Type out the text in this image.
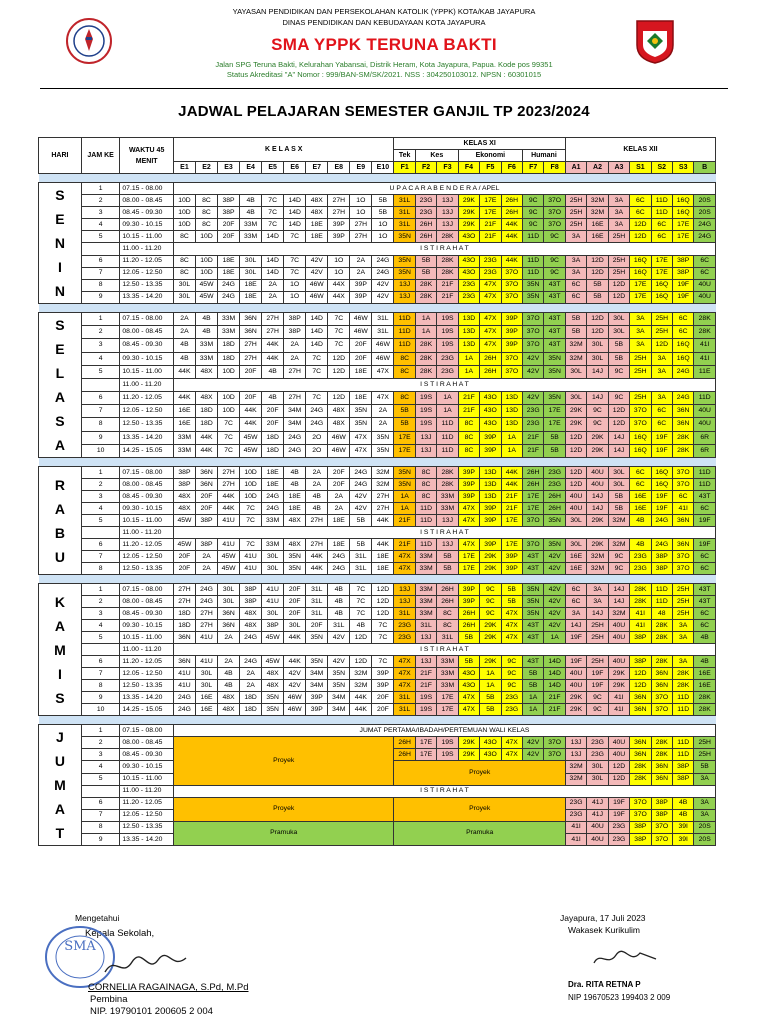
YAYASAN PENDIDIKAN DAN PERSEKOLAHAN KATOLIK (YPPK) KOTA/KAB JAYAPURA
DINAS PENDIDIKAN DAN KEBUDAYAAN KOTA JAYAPURA
SMA YPPK TERUNA BAKTI
Jalan SPG Teruna Bakti, Kelurahan Yabansai, Distrik Heram, Kota Jayapura, Papua. Kode pos 99351
Status Akreditasi "A" Nomor : 999/BAN-SM/SK/2021. NSS : 304250103012. NPSN : 60301015
JADWAL PELAJARAN SEMESTER GANJIL TP 2023/2024
HARI	JAM KE	WAKTU 45 MENIT	K E L A S X										KELAS XI								KELAS XII						
													Tek	Kes		Ekonomi			Humani								
			E1	E2	E3	E4	E5	E6	E7	E8	E9	E10	F1	F2	F3	F4	F5	F6	F7	F8	A1	A2	A3	S1	S2	S3	B

S E N I N	1	07.15 - 08.00	U P A C A R A B E N D E R A / APEL																								
	2	08.00 - 08.45	10D	8C	38P	4B	7C	14D	48X	27H	1O	5B	31L	23G	13J	29K	17E	26H	9C	37O	25H	32M	3A	6C	11D	16Q	20S
	3	08.45 - 09.30	10D	8C	38P	4B	7C	14D	48X	27H	1O	5B	31L	23G	13J	29K	17E	26H	9C	37O	25H	32M	3A	6C	11D	16Q	20S
	4	09.30 - 10.15	10D	8C	20F	33M	7C	14D	18E	39P	27H	1O	31L	26H	13J	29K	21F	44K	9C	37O	25H	16E	3A	12D	6C	17E	24G
	5	10.15 - 11.00	8C	10D	20F	33M	14D	7C	18E	39P	27H	1O	35N	26H	28K	43O	21F	44K	11D	9C	3A	16E	25H	12D	6C	17E	24G
		11.00 - 11.20	I S T I R A H A T																								
	6	11.20 - 12.05	8C	10D	18E	30L	14D	7C	42V	1O	2A	24G	35N	5B	28K	43O	23G	44K	11D	9C	3A	12D	25H	16Q	17E	38P	6C
	7	12.05 - 12.50	8C	10D	18E	30L	14D	7C	42V	1O	2A	24G	35N	5B	28K	43O	23G	37O	11D	9C	3A	12D	25H	16Q	17E	38P	6C
	8	12.50 - 13.35	30L	45W	24G	18E	2A	1O	46W	44X	39P	42V	13J	28K	21F	23G	47X	37O	35N	43T	6C	5B	12D	17E	16Q	19F	40U
	9	13.35 - 14.20	30L	45W	24G	18E	2A	1O	46W	44X	39P	42V	13J	28K	21F	23G	47X	37O	35N	43T	6C	5B	12D	17E	16Q	19F	40U

S E L A S A	1	07.15 - 08.00	2A	4B	33M	36N	27H	38P	14D	7C	46W	31L	11D	1A	19S	13D	47X	39P	37O	43T	5B	12D	30L	3A	25H	6C	28K
	2	08.00 - 08.45	2A	4B	33M	36N	27H	38P	14D	7C	46W	31L	11D	1A	19S	13D	47X	39P	37O	43T	5B	12D	30L	3A	25H	6C	28K
	3	08.45 - 09.30	4B	33M	18D	27H	44K	2A	14D	7C	20F	46W	11D	28K	19S	13D	47X	39P	37O	43T	32M	30L	5B	3A	12D	16Q	41I
	4	09.30 - 10.15	4B	33M	18D	27H	44K	2A	7C	12D	20F	46W	8C	28K	23G	1A	26H	37O	42V	35N	32M	30L	5B	25H	3A	16Q	41I
	5	10.15 - 11.00	44K	48X	10D	20F	4B	27H	7C	12D	18E	47X	8C	28K	23G	1A	26H	37O	42V	35N	30L	14J	9C	25H	3A	24G	11E
		11.00 - 11.20	I S T I R A H A T																								
	6	11.20 - 12.05	44K	48X	10D	20F	4B	27H	7C	12D	18E	47X	8C	19S	1A	21F	43O	13D	42V	35N	30L	14J	9C	25H	3A	24G	11D
	7	12.05 - 12.50	16E	18D	10D	44K	20F	34M	24G	48X	35N	2A	5B	19S	1A	21F	43O	13D	23G	17E	29K	9C	12D	37O	6C	36N	40U
	8	12.50 - 13.35	16E	18D	7C	44K	20F	34M	24G	48X	35N	2A	5B	19S	11D	8C	43O	13D	23G	17E	29K	9C	12D	37O	6C	36N	40U
	9	13.35 - 14.20	33M	44K	7C	45W	18D	24G	2O	46W	47X	35N	17E	13J	11D	8C	39P	1A	21F	5B	12D	29K	14J	16Q	19F	28K	6R
	10	14.25 - 15.05	33M	44K	7C	45W	18D	24G	2O	46W	47X	35N	17E	13J	11D	8C	39P	1A	21F	5B	12D	29K	14J	16Q	19F	28K	6R

R A B U	1	07.15 - 08.00	38P	36N	27H	10D	18E	4B	2A	20F	24G	32M	35N	8C	28K	39P	13D	44K	26H	23G	12D	40U	30L	6C	16Q	37O	11D
	2	08.00 - 08.45	38P	36N	27H	10D	18E	4B	2A	20F	24G	32M	35N	8C	28K	39P	13D	44K	26H	23G	12D	40U	30L	6C	16Q	37O	11D
	3	08.45 - 09.30	48X	20F	44K	10D	24G	18E	4B	2A	42V	27H	1A	8C	33M	39P	13D	21F	17E	26H	40U	14J	5B	16E	19F	6C	43T
	4	09.30 - 10.15	48X	20F	44K	7C	24G	18E	4B	2A	42V	27H	1A	11D	33M	47X	39P	21F	17E	26H	40U	14J	5B	16E	19F	41I	6C
	5	10.15 - 11.00	45W	38P	41U	7C	33M	48X	27H	18E	5B	44K	21F	11D	13J	47X	39P	17E	37O	35N	30L	29K	32M	4B	24G	36N	19F
		11.00 - 11.20	I S T I R A H A T																								
	6	11.20 - 12.05	45W	38P	41U	7C	33M	48X	27H	18E	5B	44K	21F	11D	13J	47X	39P	17E	37O	35N	30L	29K	32M	4B	24G	36N	19F
	7	12.05 - 12.50	20F	2A	45W	41U	30L	35N	44K	24G	31L	18E	47X	33M	5B	17E	29K	39P	43T	42V	16E	32M	9C	23G	38P	37O	6C
	8	12.50 - 13.35	20F	2A	45W	41U	30L	35N	44K	24G	31L	18E	47X	33M	5B	17E	29K	39P	43T	42V	16E	32M	9C	23G	38P	37O	6C

K A M I S	1	07.15 - 08.00	27H	24G	30L	38P	41U	20F	31L	4B	7C	12D	13J	33M	26H	39P	9C	5B	35N	42V	6C	3A	14J	28K	11D	25H	43T
	2	08.00 - 08.45	27H	24G	30L	38P	41U	20F	31L	4B	7C	12D	13J	33M	26H	39P	9C	5B	35N	42V	6C	3A	14J	28K	11D	25H	43T
	3	08.45 - 09.30	18D	27H	36N	48X	30L	20F	31L	4B	7C	12D	31L	33M	8C	26H	9C	47X	35N	42V	3A	14J	32M	41I	48	25H	6C
	4	09.30 - 10.15	18D	27H	36N	48X	38P	30L	20F	31L	4B	7C	23G	31L	8C	26H	29K	47X	43T	42V	14J	25H	40U	41I	28K	3A	6C
	5	10.15 - 11.00	36N	41U	2A	24G	45W	44K	35N	42V	12D	7C	23G	13J	31L	5B	29K	47X	43T	1A	19F	25H	40U	38P	28K	3A	4B
		11.00 - 11.20	I S T I R A H A T																								
	6	11.20 - 12.05	36N	41U	2A	24G	45W	44K	35N	42V	12D	7C	47X	13J	33M	5B	29K	9C	43T	14D	19F	25H	40U	38P	28K	3A	4B
	7	12.05 - 12.50	41U	30L	4B	2A	48X	42V	34M	35N	32M	39P	47X	21F	33M	43O	1A	9C	5B	14D	40U	19F	29K	12D	36N	28K	16E
	8	12.50 - 13.35	41U	30L	4B	2A	48X	42V	34M	35N	32M	39P	47X	21F	33M	43O	1A	9C	5B	14D	40U	19F	29K	12D	36N	28K	16E
	9	13.35 - 14.20	24G	16E	48X	18D	35N	46W	39P	34M	44K	20F	31L	19S	17E	47X	5B	23G	1A	21F	29K	9C	41I	36N	37O	11D	28K
	10	14.25 - 15.05	24G	16E	48X	18D	35N	46W	39P	34M	44K	20F	31L	19S	17E	47X	5B	23G	1A	21F	29K	9C	41I	36N	37O	11D	28K

J U M A T	1	07.15 - 08.00	JUMAT PERTAMA/IBADAH/PERTEMUAN WALI KELAS																								
	2	08.00 - 08.45	Proyek										26H	17E	19S	29K	43O	47X	42V	37O	13J	23G	40U	36N	28K	11D	25H
	3	08.45 - 09.30											26H	17E	19S	29K	43O	47X	42V	37O	13J	23G	40U	36N	28K	11D	25H
	4	09.30 - 10.15											Proyek								32M	30L	12D	28K	36N	38P	5B
	5	10.15 - 11.00																			32M	30L	12D	28K	36N	38P	3A
		11.00 - 11.20	I S T I R A H A T																								
	6	11.20 - 12.05	Proyek										Proyek								23G	41J	19F	37O	38P	4B	3A
	7	12.05 - 12.50																			23G	41J	19F	37O	38P	4B	3A
	8	12.50 - 13.35	Pramuka										Pramuka								41I	40U	23G	38P	37O	39I	20S
	9	13.35 - 14.20																			41I	40U	23G	38P	37O	39I	20S
Mengetahui
Kepala Sekolah,
SMA
CORNELIA RAGAINAGA, S.Pd, M.Pd
Pembina
NIP. 19790101 200605 2 004
Jayapura, 17 Juli 2023
Wakasek Kurikulim
Dra. RITA RETNA P
NIP 19670523 199403 2 009
